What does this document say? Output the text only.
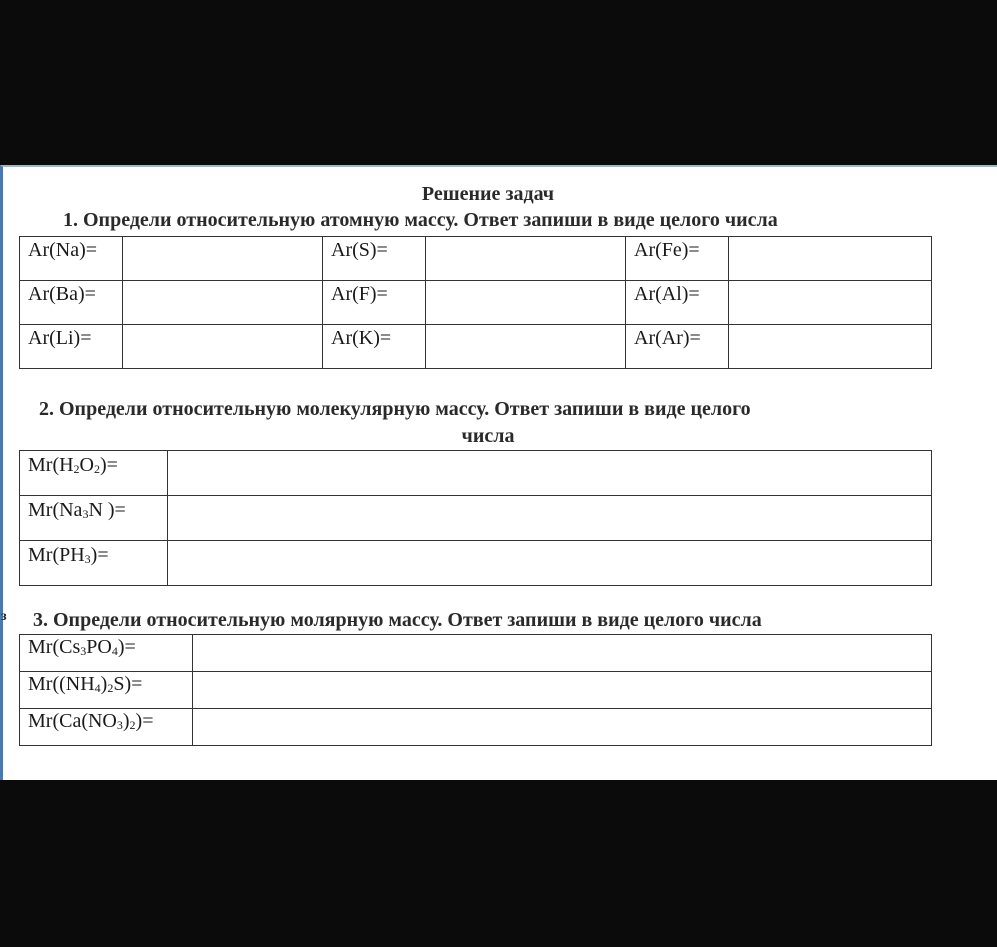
Решение задач
1. Определи относительную атомную массу. Ответ запиши в виде целого числа
Ar(Na)=		Ar(S)=		Ar(Fe)=	
Ar(Ba)=		Ar(F)=		Ar(Al)=	
Ar(Li)=		Ar(K)=		Ar(Ar)=	
2. Определи относительную молекулярную массу. Ответ запиши в виде целого
числа
$Mr(H_2O_2)=$	
$Mr(Na_3N$ )=	
$Mr(PH_3)=$	
з 3. Определи относительную молярную массу. Ответ запиши в виде целого числа
$Mr(Cs_3PO_4)=$	
$Mr((NH_4)_2S)=$	
$Mr(Ca(NO_3)_2)=$	
